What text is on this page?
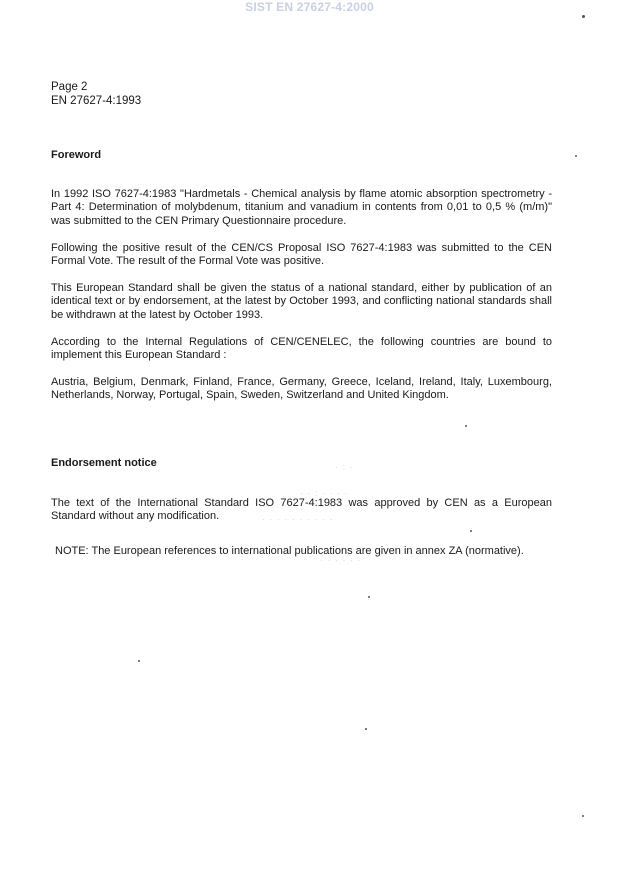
SIST EN 27627-4:2000
Page 2
EN 27627-4:1993
Foreword
In 1992 ISO 7627-4:1983 "Hardmetals - Chemical analysis by flame atomic absorption spectrometry - Part 4: Determination of molybdenum, titanium and vanadium in contents from 0,01 to 0,5 % (m/m)" was submitted to the CEN Primary Questionnaire procedure.
Following the positive result of the CEN/CS Proposal ISO 7627-4:1983 was submitted to the CEN Formal Vote. The result of the Formal Vote was positive.
This European Standard shall be given the status of a national standard, either by publication of an identical text or by endorsement, at the latest by October 1993, and conflicting national standards shall be withdrawn at the latest by October 1993.
According to the Internal Regulations of CEN/CENELEC, the following countries are bound to implement this European Standard :
Austria, Belgium, Denmark, Finland, France, Germany, Greece, Iceland, Ireland, Italy, Luxembourg, Netherlands, Norway, Portugal, Spain, Sweden, Switzerland and United Kingdom.
Endorsement notice
The text of the International Standard ISO 7627-4:1983 was approved by CEN as a European Standard without any modification.
NOTE: The European references to international publications are given in annex ZA (normative).
· : ·
· · : · · · ·
· · · · · · · · · ·
· · · · · ·
